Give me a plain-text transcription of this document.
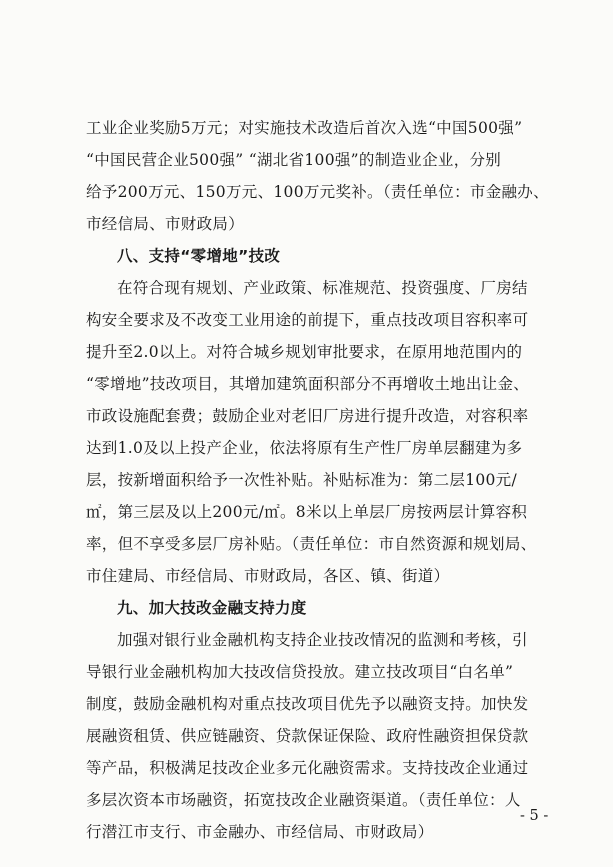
工业企业奖励5万元；对实施技术改造后首次入选“中国500强”
“中国民营企业500强” “湖北省100强”的制造业企业，分别
给予200万元、150万元、100万元奖补。（责任单位：市金融办、
市经信局、市财政局）
八、支持“零增地”技改
在符合现有规划、产业政策、标准规范、投资强度、厂房结
构安全要求及不改变工业用途的前提下，重点技改项目容积率可
提升至2.0以上。对符合城乡规划审批要求，在原用地范围内的
“零增地”技改项目，其增加建筑面积部分不再增收土地出让金、
市政设施配套费；鼓励企业对老旧厂房进行提升改造，对容积率
达到1.0及以上投产企业，依法将原有生产性厂房单层翻建为多
层，按新增面积给予一次性补贴。补贴标准为：第二层100元/
㎡，第三层及以上200元/㎡。8米以上单层厂房按两层计算容积
率，但不享受多层厂房补贴。（责任单位：市自然资源和规划局、
市住建局、市经信局、市财政局，各区、镇、街道）
九、加大技改金融支持力度
加强对银行业金融机构支持企业技改情况的监测和考核，引
导银行业金融机构加大技改信贷投放。建立技改项目“白名单”
制度，鼓励金融机构对重点技改项目优先予以融资支持。加快发
展融资租赁、供应链融资、贷款保证保险、政府性融资担保贷款
等产品，积极满足技改企业多元化融资需求。支持技改企业通过
多层次资本市场融资，拓宽技改企业融资渠道。（责任单位：人
行潜江市支行、市金融办、市经信局、市财政局）
- 5 -
